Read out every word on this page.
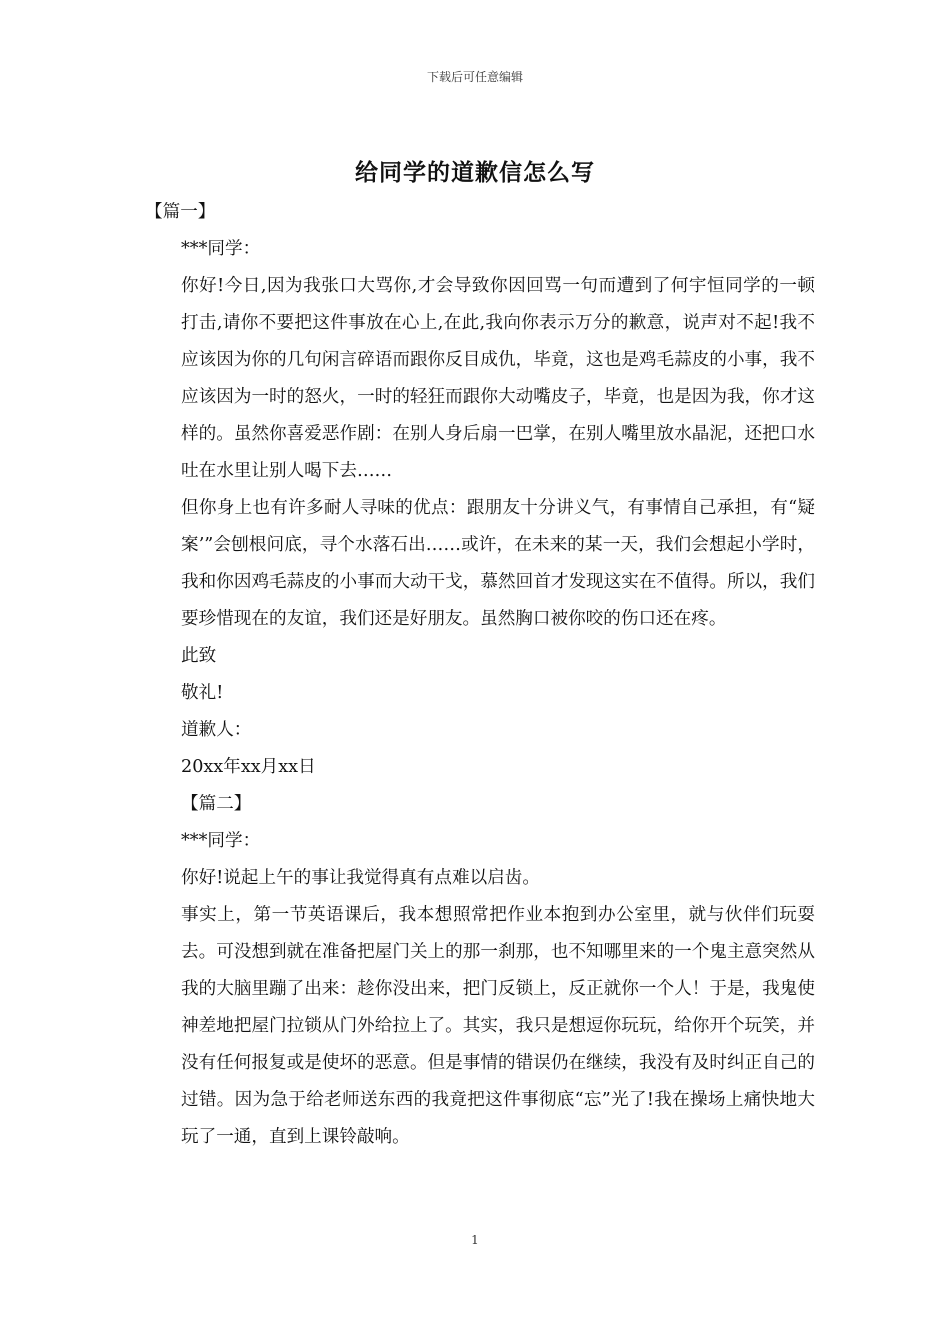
下载后可任意编辑
给同学的道歉信怎么写
【篇一】
***同学：

你好!今日,因为我张口大骂你,才会导致你因回骂一句而遭到了何宇恒同学的一顿打击,请你不要把这件事放在心上,在此,我向你表示万分的歉意，说声对不起!我不应该因为你的几句闲言碎语而跟你反目成仇，毕竟，这也是鸡毛蒜皮的小事，我不应该因为一时的怒火，一时的轻狂而跟你大动嘴皮子，毕竟，也是因为我，你才这样的。虽然你喜爱恶作剧：在别人身后扇一巴掌，在别人嘴里放水晶泥，还把口水吐在水里让别人喝下去……

但你身上也有许多耐人寻味的优点：跟朋友十分讲义气，有事情自己承担，有“疑案’”会刨根问底，寻个水落石出……或许，在未来的某一天，我们会想起小学时，我和你因鸡毛蒜皮的小事而大动干戈，慕然回首才发现这实在不值得。所以，我们要珍惜现在的友谊，我们还是好朋友。虽然胸口被你咬的伤口还在疼。

此致
敬礼!
道歉人：
20xx年xx月xx日
【篇二】
***同学：

你好!说起上午的事让我觉得真有点难以启齿。

事实上，第一节英语课后，我本想照常把作业本抱到办公室里，就与伙伴们玩耍去。可没想到就在准备把屋门关上的那一刹那，也不知哪里来的一个鬼主意突然从我的大脑里蹦了出来：趁你没出来，把门反锁上，反正就你一个人！于是，我鬼使神差地把屋门拉锁从门外给拉上了。其实，我只是想逗你玩玩，给你开个玩笑，并没有任何报复或是使坏的恶意。但是事情的错误仍在继续，我没有及时纠正自己的过错。因为急于给老师送东西的我竟把这件事彻底“忘”光了!我在操场上痛快地大玩了一通，直到上课铃敲响。

1
